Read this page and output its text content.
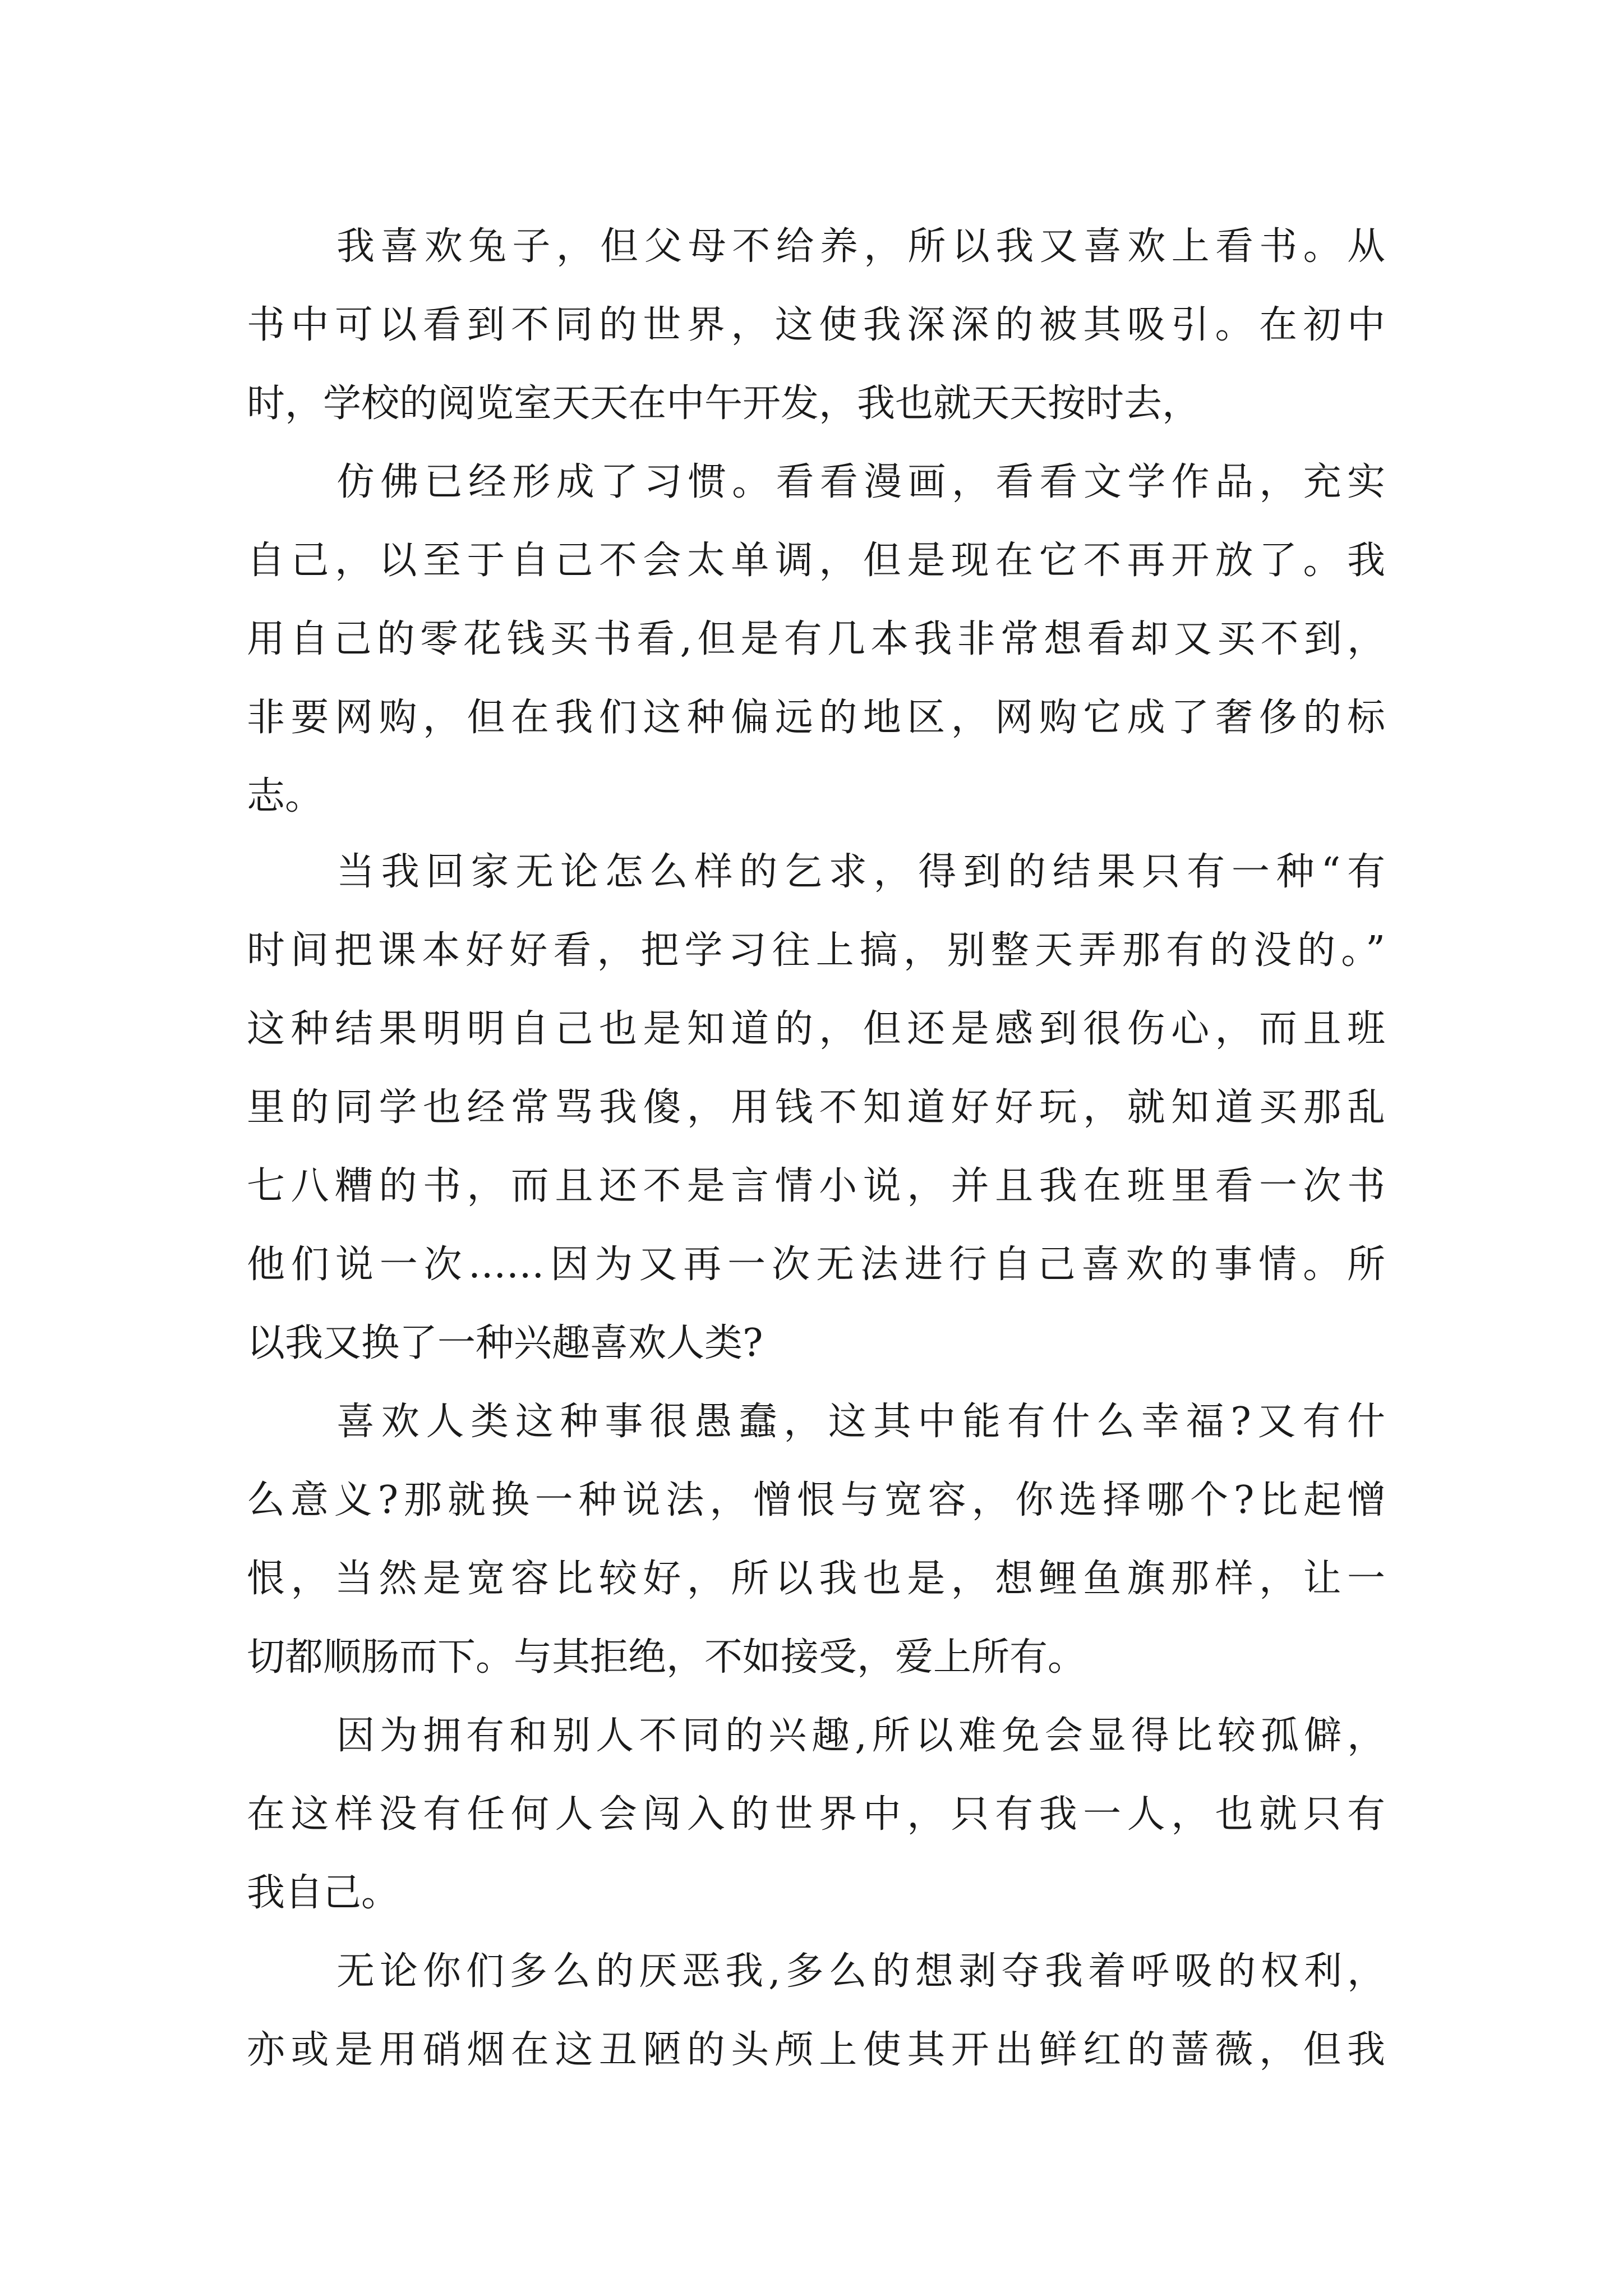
我喜欢兔子，但父母不给养，所以我又喜欢上看书。从
书中可以看到不同的世界，这使我深深的被其吸引。在初中
时，学校的阅览室天天在中午开发，我也就天天按时去，
仿佛已经形成了习惯。看看漫画，看看文学作品，充实
自己，以至于自己不会太单调，但是现在它不再开放了。我
用自己的零花钱买书看,但是有几本我非常想看却又买不到，
非要网购，但在我们这种偏远的地区，网购它成了奢侈的标
志。
当我回家无论怎么样的乞求，得到的结果只有一种“有
时间把课本好好看，把学习往上搞，别整天弄那有的没的。”
这种结果明明自己也是知道的，但还是感到很伤心，而且班
里的同学也经常骂我傻，用钱不知道好好玩，就知道买那乱
七八糟的书，而且还不是言情小说，并且我在班里看一次书
他们说一次……因为又再一次无法进行自己喜欢的事情。所
以我又换了一种兴趣喜欢人类?
喜欢人类这种事很愚蠢，这其中能有什么幸福?又有什
么意义?那就换一种说法，憎恨与宽容，你选择哪个?比起憎
恨，当然是宽容比较好，所以我也是，想鲤鱼旗那样，让一
切都顺肠而下。与其拒绝，不如接受，爱上所有。
因为拥有和别人不同的兴趣,所以难免会显得比较孤僻，
在这样没有任何人会闯入的世界中，只有我一人，也就只有
我自己。
无论你们多么的厌恶我,多么的想剥夺我着呼吸的权利，
亦或是用硝烟在这丑陋的头颅上使其开出鲜红的蔷薇，但我
